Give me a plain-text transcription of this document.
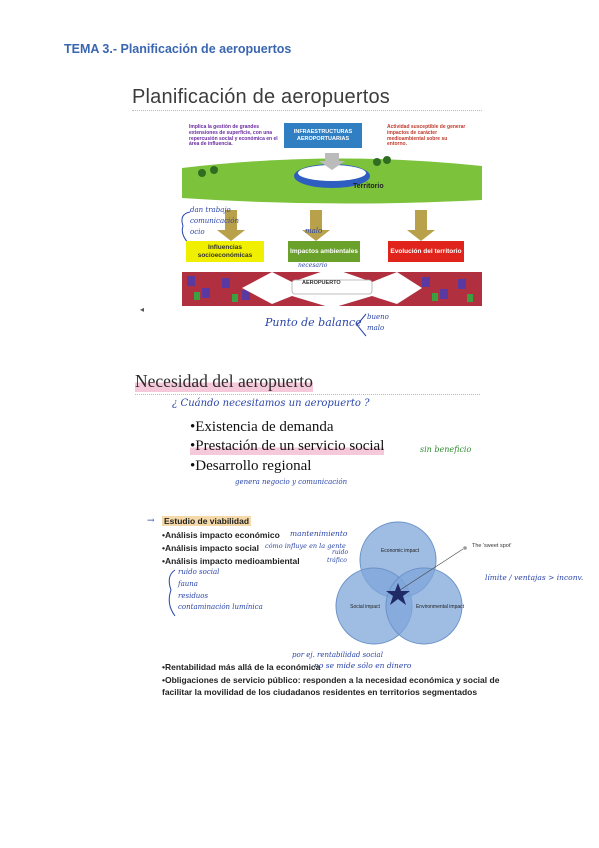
TEMA 3.- Planificación de aeropuertos
Planificación de aeropuertos
Implica la gestión de grandes extensiones de superficie, con una repercusión social y económica en el área de influencia.
INFRAESTRUCTURAS AEROPORTUARIAS
Actividad susceptible de generar impactos de carácter medioambiental sobre su entorno.
Territorio
dan trabajo
comunicación
ocio	malo
Influencias socioeconómicas
Impactos ambientales	Evolución del territorio
necesario
AEROPUERTO
◂
Punto de balance bueno
malo
Necesidad del aeropuerto
¿ Cuándo necesitamos un aeropuerto ?
•Existencia de demanda
•Prestación de un servicio social	sin beneficio
•Desarrollo regional
genera negocio y comunicación
→ Estudio de viabilidad
•Análisis impacto económico mantenimiento
•Análisis impacto social cómo influye en la gente
ruido
tráfico
•Análisis impacto medioambiental
ruido social
fauna
residuos
contaminación lumínica
Economic impact
Social impact	Environmental impact
The 'sweet spot'
límite / ventajas > inconv.
por ej. rentabilidad social
•Rentabilidad más allá de la económica
no se mide sólo en dinero
•Obligaciones de servicio público: responden a la necesidad económica y social de
facilitar la movilidad de los ciudadanos residentes en territorios segmentados
